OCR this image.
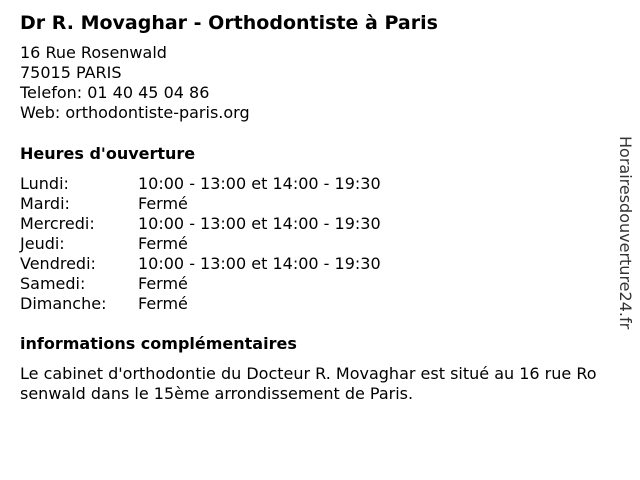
Dr R. Movaghar - Orthodontiste à Paris
16 Rue Rosenwald
75015 PARIS
Telefon: 01 40 45 04 86
Web: orthodontiste-paris.org
Heures d'ouverture
Lundi:	10:00 - 13:00 et 14:00 - 19:30
Mardi:	Fermé
Mercredi:	10:00 - 13:00 et 14:00 - 19:30
Jeudi:	Fermé
Vendredi:	10:00 - 13:00 et 14:00 - 19:30
Samedi:	Fermé
Dimanche:	Fermé
informations complémentaires

Le cabinet d'orthodontie du Docteur R. Movaghar est situé au 16 rue Rosenwald dans le 15ème arrondissement de Paris.

Horairesdouverture24.fr
